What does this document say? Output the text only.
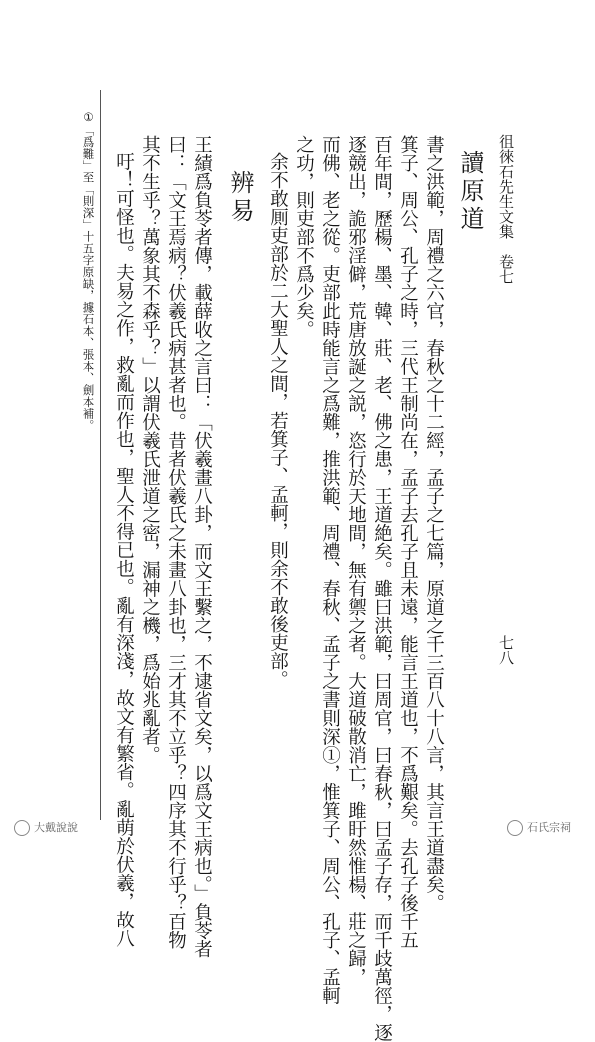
徂徠石先生文集　卷七
七八
讀原道
書之洪範，周禮之六官，春秋之十二經，孟子之七篇，原道之千三百八十八言，其言王道盡矣。
箕子、周公、孔子之時，三代王制尚在，孟子去孔子且未遠，能言王道也，不爲艱矣。去孔子後千五
百年間，歷楊、墨、韓、莊、老、佛之患，王道絶矣。雖曰洪範，曰周官，曰春秋，曰孟子存，而千歧萬徑，逐
逐競出，詭邪淫僻，荒唐放誕之説，恣行於天地間，無有禦之者。大道破散消亡，雎盱然惟楊、莊之歸，
而佛、老之從。吏部此時能言之爲難，推洪範、周禮、春秋、孟子之書則深①，惟箕子、周公、孔子、孟軻
之功，則吏部不爲少矣。
余不敢厠吏部於二大聖人之間，若箕子、孟軻，則余不敢後吏部。
辨易
王績爲負苓者傳，載薛收之言曰：「伏羲畫八卦，而文王繫之，不逮省文矣，以爲文王病也。」負苓者
曰：「文王焉病？伏羲氏病甚者也。昔者伏羲氏之未畫八卦也，三才其不立乎？四序其不行乎？百物
其不生乎？萬象其不森乎？」以謂伏羲氏泄道之密，漏神之機，爲始兆亂者。
吁！可怪也。夫易之作，救亂而作也，聖人不得已也。亂有深淺，故文有繁省。亂萌於伏羲，故八
①「爲難」至「則深」十五字原缺，據石本、張本、劍本補。
大戴說說	石氏宗祠
